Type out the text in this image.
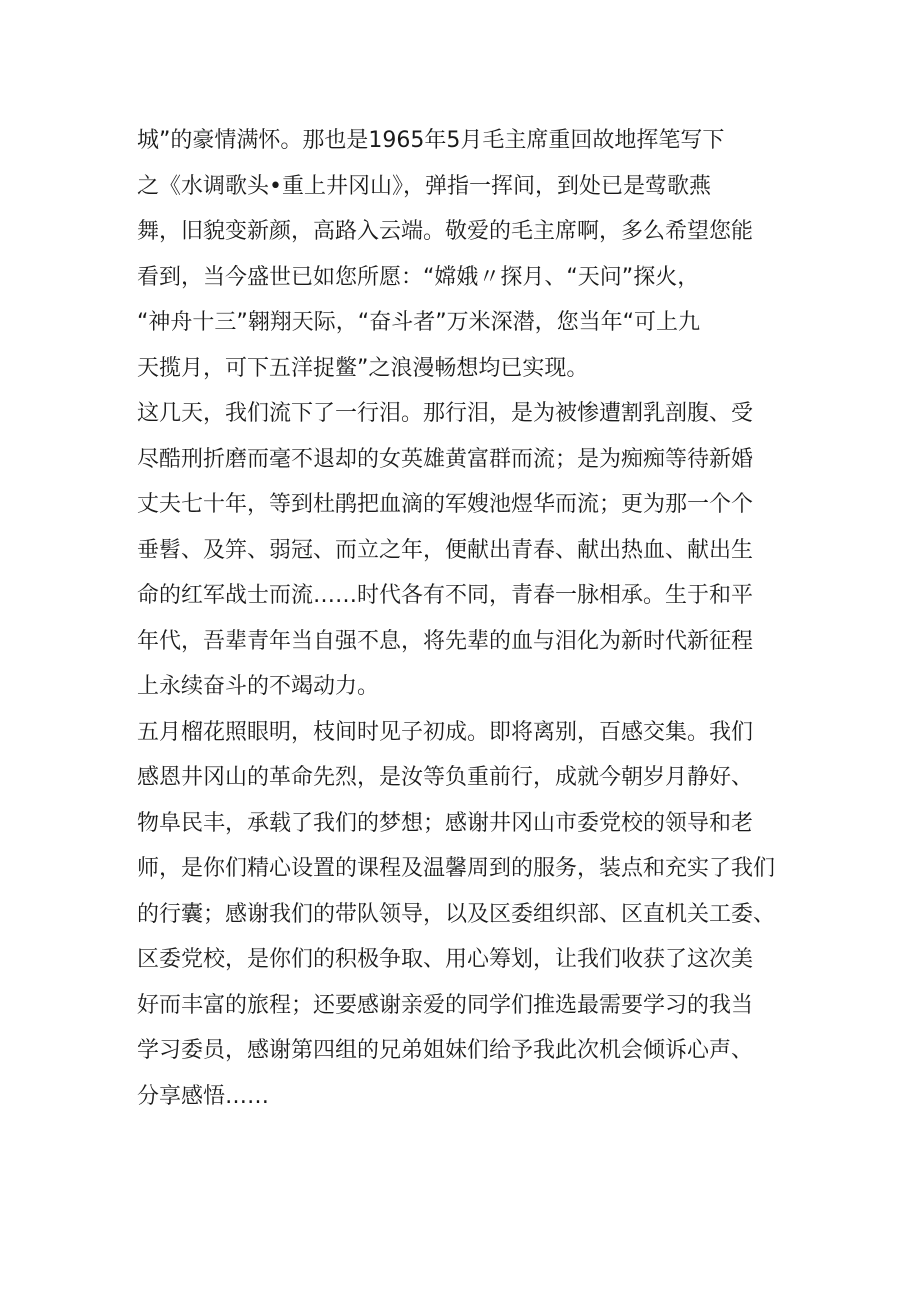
城”的豪情满怀。那也是1965年5月毛主席重回故地挥笔写下
之《水调歌头•重上井冈山》，弹指一挥间，到处已是莺歌燕
舞，旧貌变新颜，高路入云端。敬爱的毛主席啊，多么希望您能
看到，当今盛世已如您所愿：“嫦娥〃探月、“天问”探火，
“神舟十三”翱翔天际，“奋斗者”万米深潜，您当年“可上九
天揽月，可下五洋捉鳖”之浪漫畅想均已实现。
这几天，我们流下了一行泪。那行泪，是为被惨遭割乳剖腹、受
尽酷刑折磨而毫不退却的女英雄黄富群而流；是为痴痴等待新婚
丈夫七十年，等到杜鹃把血滴的军嫂池煜华而流；更为那一个个
垂髫、及笄、弱冠、而立之年，便献出青春、献出热血、献出生
命的红军战士而流……时代各有不同，青春一脉相承。生于和平
年代，吾辈青年当自强不息，将先辈的血与泪化为新时代新征程
上永续奋斗的不竭动力。
五月榴花照眼明，枝间时见子初成。即将离别，百感交集。我们
感恩井冈山的革命先烈，是汝等负重前行，成就今朝岁月静好、
物阜民丰，承载了我们的梦想；感谢井冈山市委党校的领导和老
师，是你们精心设置的课程及温馨周到的服务，装点和充实了我们
的行囊；感谢我们的带队领导，以及区委组织部、区直机关工委、
区委党校，是你们的积极争取、用心筹划，让我们收获了这次美
好而丰富的旅程；还要感谢亲爱的同学们推选最需要学习的我当
学习委员，感谢第四组的兄弟姐妹们给予我此次机会倾诉心声、
分享感悟……
